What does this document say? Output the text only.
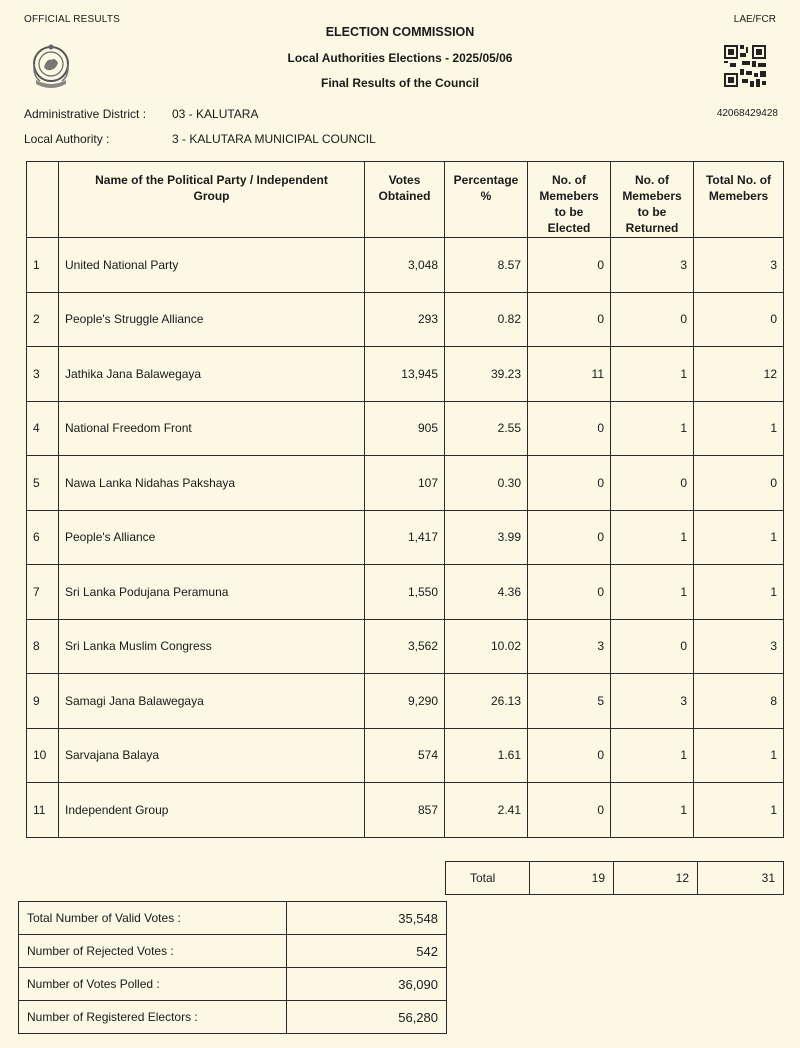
OFFICIAL RESULTS	LAE/FCR
ELECTION COMMISSION
Local Authorities Elections - 2025/05/06
Final Results of the Council
42068429428
Administrative District : 03 - KALUTARA
Local Authority :	3 - KALUTARA MUNICIPAL COUNCIL
	Name of the Political Party / Independent Group	Votes Obtained	Percentage %	No. of Memebers to be Elected	No. of Memebers to be Returned	Total No. of Memebers
1	United National Party	3,048	8.57	0	3	3
2	People's Struggle Alliance	293	0.82	0	0	0
3	Jathika Jana Balawegaya	13,945	39.23	11	1	12
4	National Freedom Front	905	2.55	0	1	1
5	Nawa Lanka Nidahas Pakshaya	107	0.30	0	0	0
6	People's Alliance	1,417	3.99	0	1	1
7	Sri Lanka Podujana Peramuna	1,550	4.36	0	1	1
8	Sri Lanka Muslim Congress	3,562	10.02	3	0	3
9	Samagi Jana Balawegaya	9,290	26.13	5	3	8
10	Sarvajana Balaya	574	1.61	0	1	1
11	Independent Group	857	2.41	0	1	1
Total	19	12	31
Total Number of Valid Votes :	35,548
Number of Rejected Votes :	542
Number of Votes Polled :	36,090
Number of Registered Electors :	56,280
